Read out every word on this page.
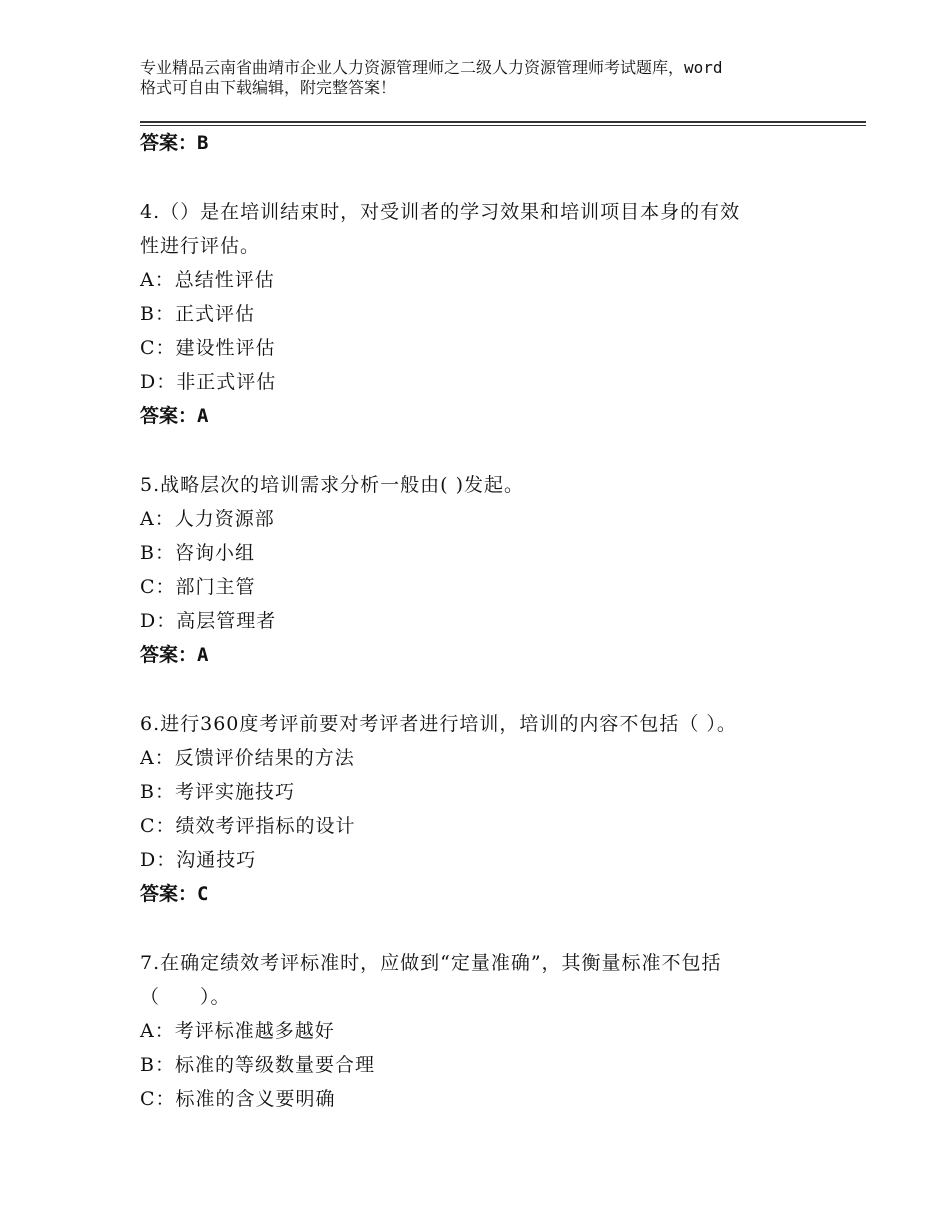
专业精品云南省曲靖市企业人力资源管理师之二级人力资源管理师考试题库，word
格式可自由下载编辑，附完整答案！
答案：B
4.（）是在培训结束时，对受训者的学习效果和培训项目本身的有效
性进行评估。
A：总结性评估
B：正式评估
C：建设性评估
D：非正式评估
答案：A
5.战略层次的培训需求分析一般由( )发起。
A：人力资源部
B：咨询小组
C：部门主管
D：高层管理者
答案：A
6.进行360度考评前要对考评者进行培训，培训的内容不包括（ ）。
A：反馈评价结果的方法
B：考评实施技巧
C：绩效考评指标的设计
D：沟通技巧
答案：C
7.在确定绩效考评标准时，应做到“定量准确”，其衡量标准不包括
（　　）。
A：考评标准越多越好
B：标准的等级数量要合理
C：标准的含义要明确
